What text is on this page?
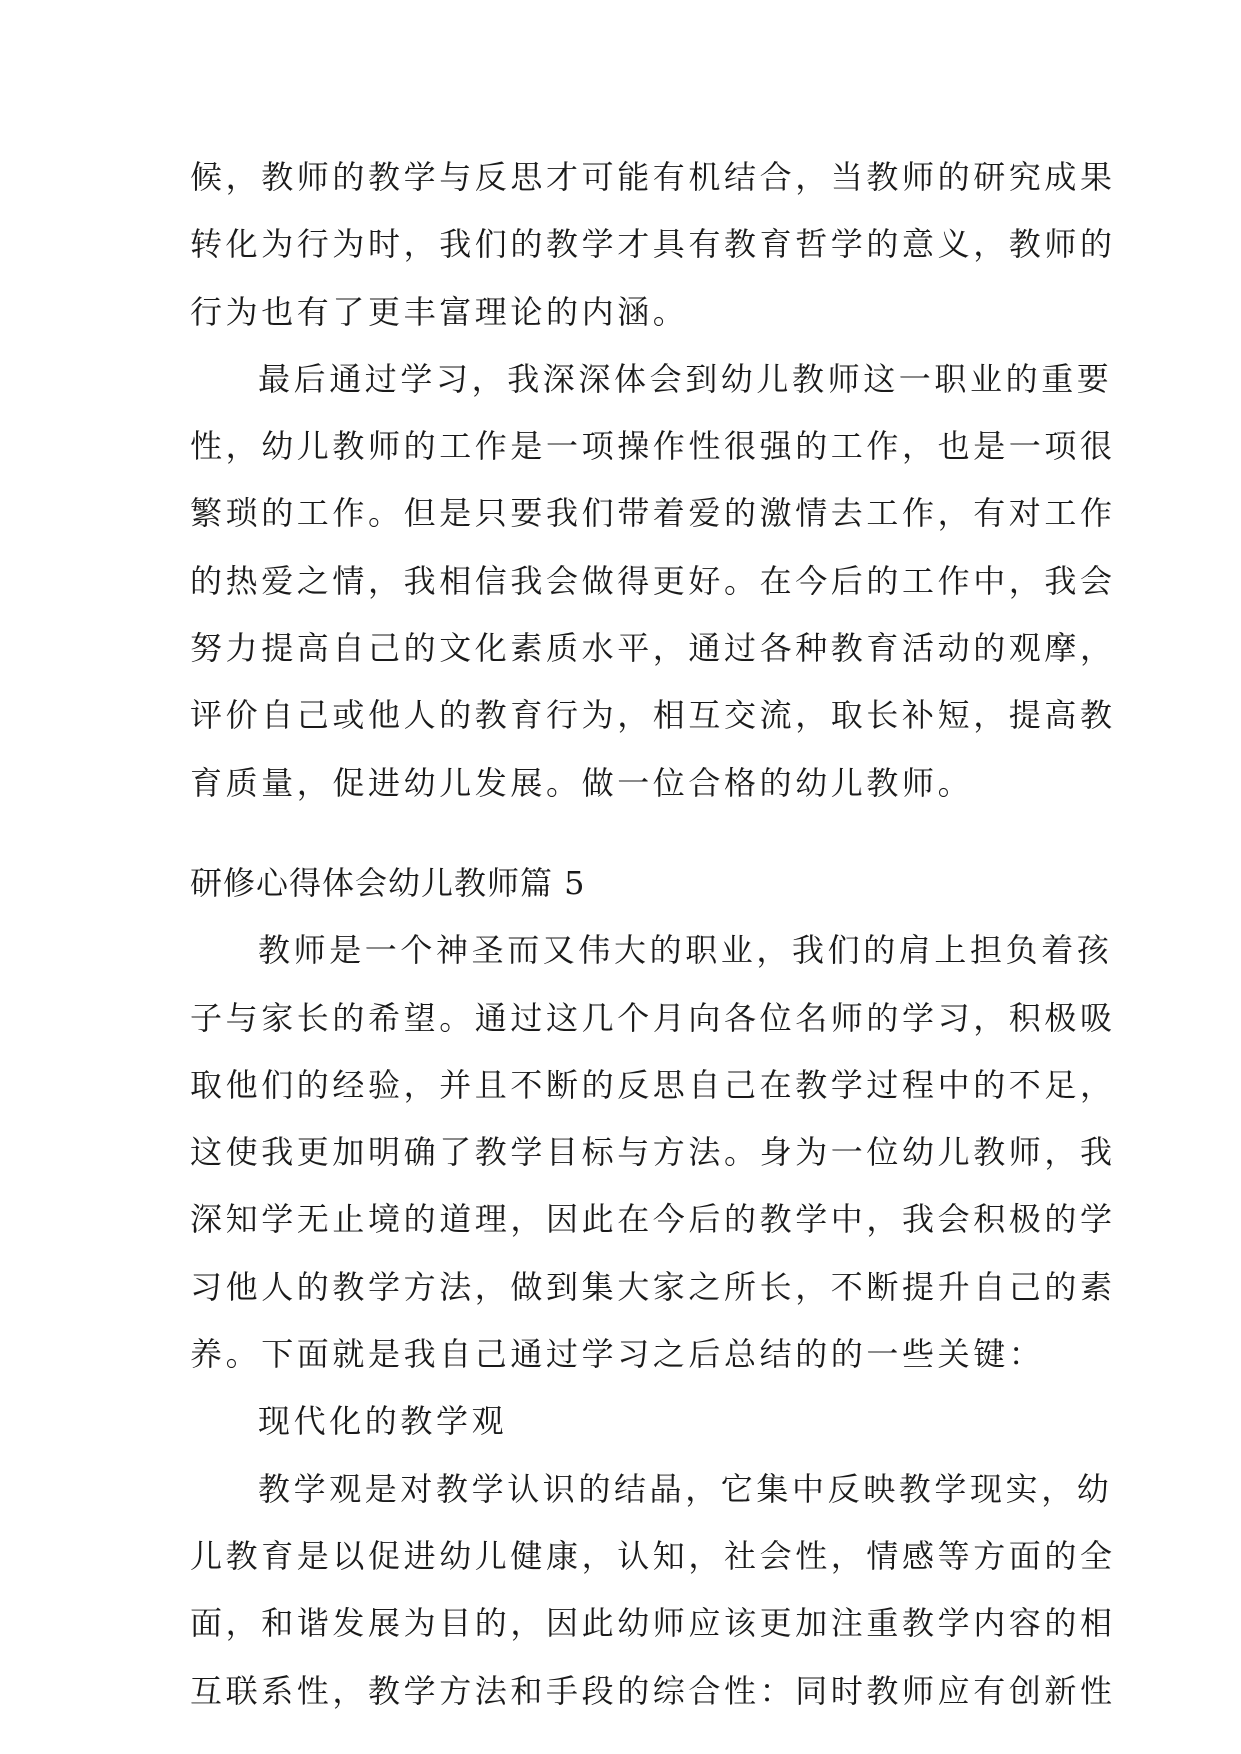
候，教师的教学与反思才可能有机结合，当教师的研究成果
转化为行为时，我们的教学才具有教育哲学的意义，教师的
行为也有了更丰富理论的内涵。
最后通过学习，我深深体会到幼儿教师这一职业的重要
性，幼儿教师的工作是一项操作性很强的工作，也是一项很
繁琐的工作。但是只要我们带着爱的激情去工作，有对工作
的热爱之情，我相信我会做得更好。在今后的工作中，我会
努力提高自己的文化素质水平，通过各种教育活动的观摩，
评价自己或他人的教育行为，相互交流，取长补短，提高教
育质量，促进幼儿发展。做一位合格的幼儿教师。
研修心得体会幼儿教师篇 5
教师是一个神圣而又伟大的职业，我们的肩上担负着孩
子与家长的希望。通过这几个月向各位名师的学习，积极吸
取他们的经验，并且不断的反思自己在教学过程中的不足，
这使我更加明确了教学目标与方法。身为一位幼儿教师，我
深知学无止境的道理，因此在今后的教学中，我会积极的学
习他人的教学方法，做到集大家之所长，不断提升自己的素
养。下面就是我自己通过学习之后总结的的一些关键：
现代化的教学观
教学观是对教学认识的结晶，它集中反映教学现实，幼
儿教育是以促进幼儿健康，认知，社会性，情感等方面的全
面，和谐发展为目的，因此幼师应该更加注重教学内容的相
互联系性，教学方法和手段的综合性：同时教师应有创新性
